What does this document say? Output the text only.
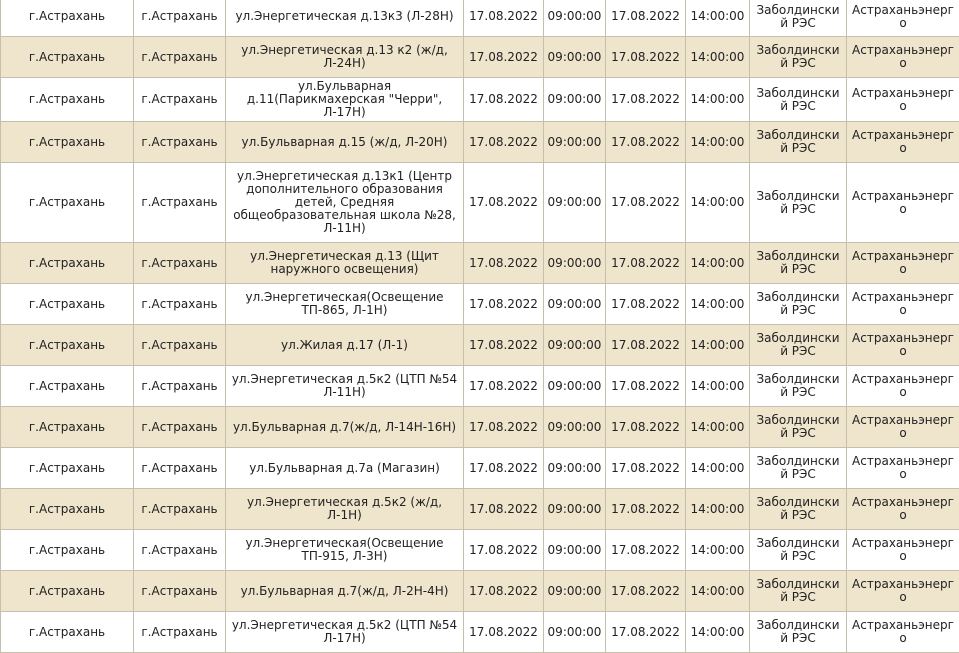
г.Астрахань	г.Астрахань	ул.Энергетическая д.13к3 (Л-28Н)	17.08.2022	09:00:00	17.08.2022	14:00:00	Заболдинский РЭС	Астраханьэнерго
г.Астрахань	г.Астрахань	ул.Энергетическая д.13 к2 (ж/д, Л-24Н)	17.08.2022	09:00:00	17.08.2022	14:00:00	Заболдинский РЭС	Астраханьэнерго
г.Астрахань	г.Астрахань	ул.Бульварная д.11(Парикмахерская "Черри", Л-17Н)	17.08.2022	09:00:00	17.08.2022	14:00:00	Заболдинский РЭС	Астраханьэнерго
г.Астрахань	г.Астрахань	ул.Бульварная д.15 (ж/д, Л-20Н)	17.08.2022	09:00:00	17.08.2022	14:00:00	Заболдинский РЭС	Астраханьэнерго
г.Астрахань	г.Астрахань	ул.Энергетическая д.13к1 (Центр дополнительного образования детей, Средняя общеобразовательная школа №28, Л-11Н)	17.08.2022	09:00:00	17.08.2022	14:00:00	Заболдинский РЭС	Астраханьэнерго
г.Астрахань	г.Астрахань	ул.Энергетическая д.13 (Щит наружного освещения)	17.08.2022	09:00:00	17.08.2022	14:00:00	Заболдинский РЭС	Астраханьэнерго
г.Астрахань	г.Астрахань	ул.Энергетическая(Освещение ТП-865, Л-1Н)	17.08.2022	09:00:00	17.08.2022	14:00:00	Заболдинский РЭС	Астраханьэнерго
г.Астрахань	г.Астрахань	ул.Жилая д.17 (Л-1)	17.08.2022	09:00:00	17.08.2022	14:00:00	Заболдинский РЭС	Астраханьэнерго
г.Астрахань	г.Астрахань	ул.Энергетическая д.5к2 (ЦТП №54 Л-11Н)	17.08.2022	09:00:00	17.08.2022	14:00:00	Заболдинский РЭС	Астраханьэнерго
г.Астрахань	г.Астрахань	ул.Бульварная д.7(ж/д, Л-14Н-16Н)	17.08.2022	09:00:00	17.08.2022	14:00:00	Заболдинский РЭС	Астраханьэнерго
г.Астрахань	г.Астрахань	ул.Бульварная д.7а (Магазин)	17.08.2022	09:00:00	17.08.2022	14:00:00	Заболдинский РЭС	Астраханьэнерго
г.Астрахань	г.Астрахань	ул.Энергетическая д.5к2 (ж/д, Л-1Н)	17.08.2022	09:00:00	17.08.2022	14:00:00	Заболдинский РЭС	Астраханьэнерго
г.Астрахань	г.Астрахань	ул.Энергетическая(Освещение ТП-915, Л-3Н)	17.08.2022	09:00:00	17.08.2022	14:00:00	Заболдинский РЭС	Астраханьэнерго
г.Астрахань	г.Астрахань	ул.Бульварная д.7(ж/д, Л-2Н-4Н)	17.08.2022	09:00:00	17.08.2022	14:00:00	Заболдинский РЭС	Астраханьэнерго
г.Астрахань	г.Астрахань	ул.Энергетическая д.5к2 (ЦТП №54 Л-17Н)	17.08.2022	09:00:00	17.08.2022	14:00:00	Заболдинский РЭС	Астраханьэнерго
